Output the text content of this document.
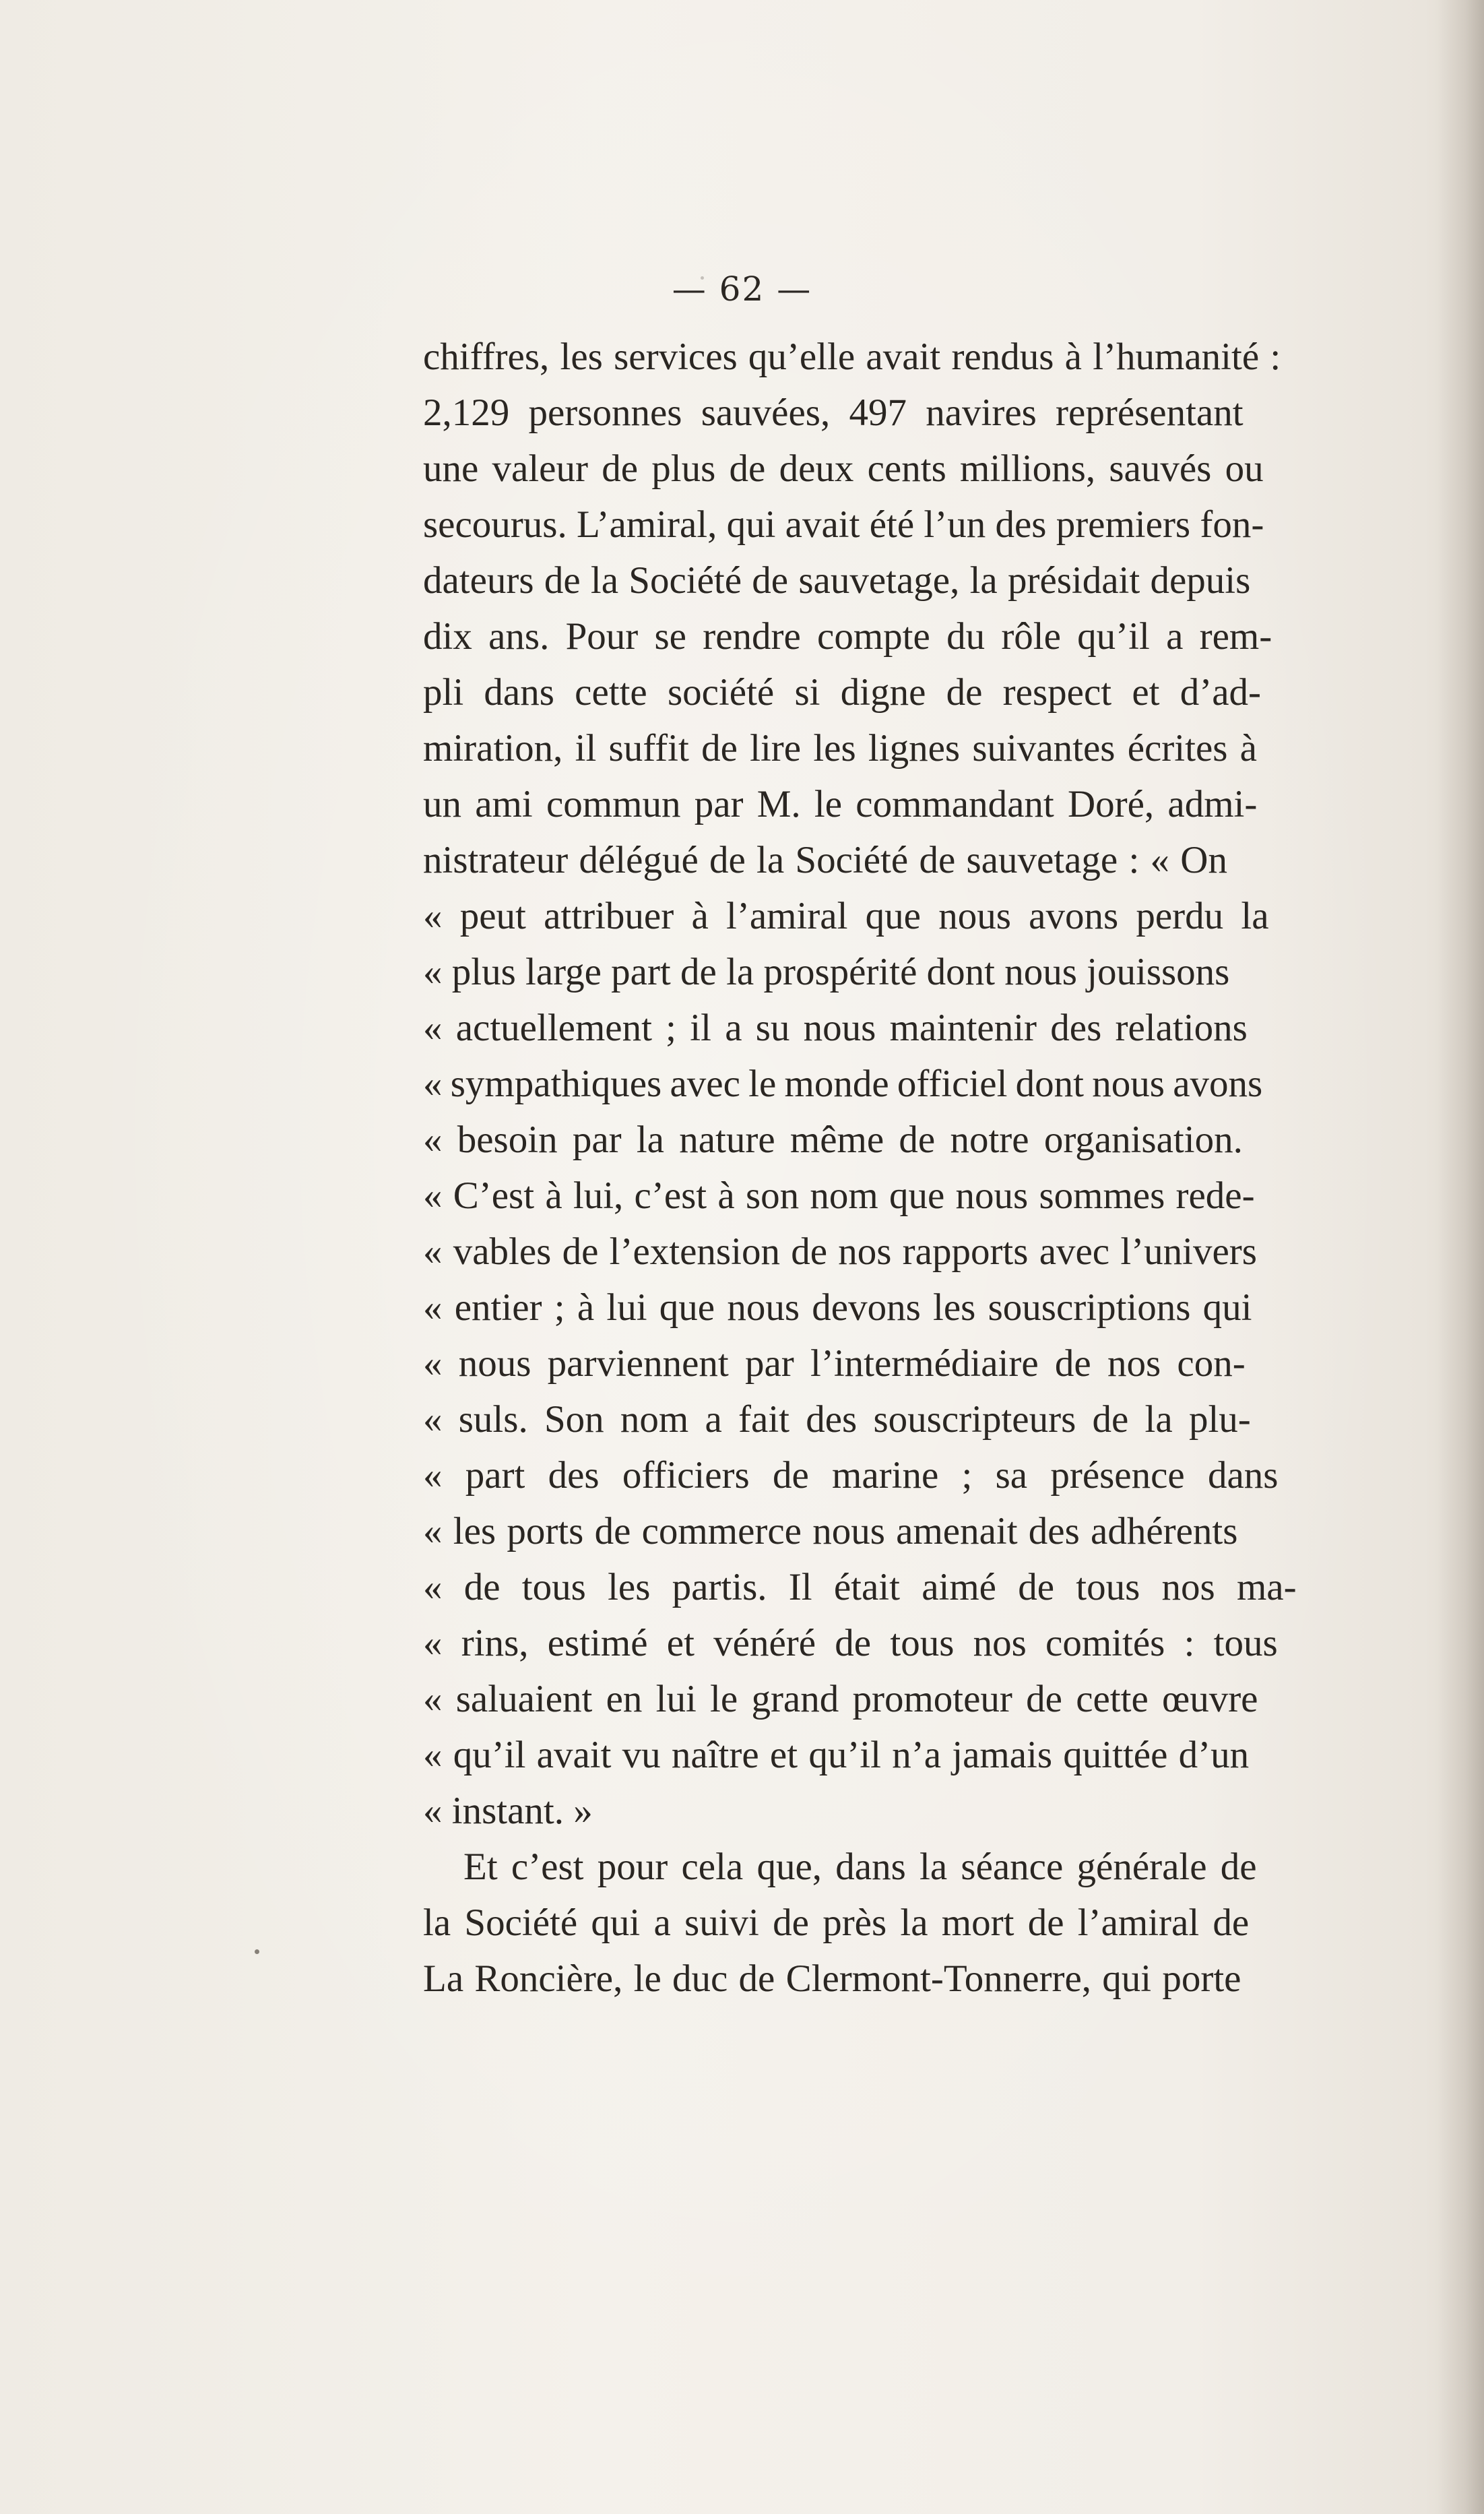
— 62 —
chiffres, les services qu’elle avait rendus à l’humanité :
2,129 personnes sauvées, 497 navires représentant
une valeur de plus de deux cents millions, sauvés ou
secourus. L’amiral, qui avait été l’un des premiers fon-
dateurs de la Société de sauvetage, la présidait depuis
dix ans. Pour se rendre compte du rôle qu’il a rem-
pli dans cette société si digne de respect et d’ad-
miration, il suffit de lire les lignes suivantes écrites à
un ami commun par M. le commandant Doré, admi-
nistrateur délégué de la Société de sauvetage : « On
« peut attribuer à l’amiral que nous avons perdu la
« plus large part de la prospérité dont nous jouissons
« actuellement ; il a su nous maintenir des relations
« sympathiques avec le monde officiel dont nous avons
« besoin par la nature même de notre organisation.
« C’est à lui, c’est à son nom que nous sommes rede-
« vables de l’extension de nos rapports avec l’univers
« entier ; à lui que nous devons les souscriptions qui
« nous parviennent par l’intermédiaire de nos con-
« suls. Son nom a fait des souscripteurs de la plu-
« part des officiers de marine ; sa présence dans
« les ports de commerce nous amenait des adhérents
« de tous les partis. Il était aimé de tous nos ma-
« rins, estimé et vénéré de tous nos comités : tous
« saluaient en lui le grand promoteur de cette œuvre
« qu’il avait vu naître et qu’il n’a jamais quittée d’un
« instant. »
Et c’est pour cela que, dans la séance générale de
la Société qui a suivi de près la mort de l’amiral de
La Roncière, le duc de Clermont-Tonnerre, qui porte
